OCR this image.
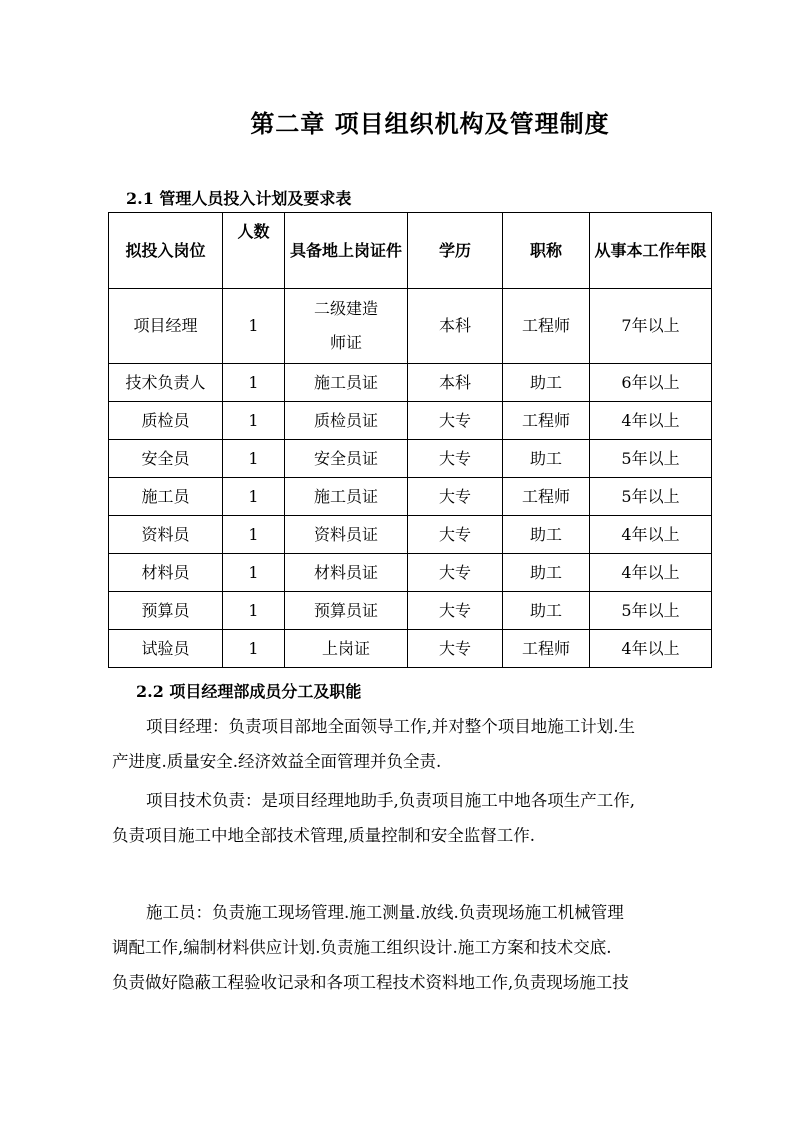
第二章 项目组织机构及管理制度
2.1 管理人员投入计划及要求表
拟投入岗位	人数	具备地上岗证件	学历	职称	从事本工作年限
项目经理	1	二级建造师证	本科	工程师	7年以上
技术负责人	1	施工员证	本科	助工	6年以上
质检员	1	质检员证	大专	工程师	4年以上
安全员	1	安全员证	大专	助工	5年以上
施工员	1	施工员证	大专	工程师	5年以上
资料员	1	资料员证	大专	助工	4年以上
材料员	1	材料员证	大专	助工	4年以上
预算员	1	预算员证	大专	助工	5年以上
试验员	1	上岗证	大专	工程师	4年以上
2.2 项目经理部成员分工及职能
项目经理：负责项目部地全面领导工作,并对整个项目地施工计划.生
产进度.质量安全.经济效益全面管理并负全责.
项目技术负责：是项目经理地助手,负责项目施工中地各项生产工作,
负责项目施工中地全部技术管理,质量控制和安全监督工作.
施工员：负责施工现场管理.施工测量.放线.负责现场施工机械管理
调配工作,编制材料供应计划.负责施工组织设计.施工方案和技术交底.
负责做好隐蔽工程验收记录和各项工程技术资料地工作,负责现场施工技
